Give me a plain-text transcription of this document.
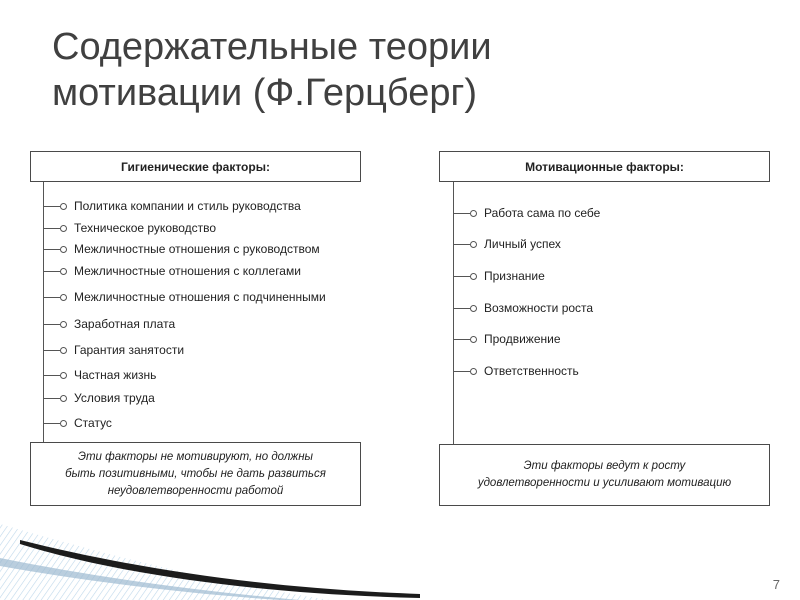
Содержательные теории
мотивации (Ф.Герцберг)
Гигиенические факторы:
Политика компании и стиль руководства
Техническое руководство
Межличностные отношения с руководством
Межличностные отношения с коллегами
Межличностные отношения с подчиненными
Заработная плата
Гарантия занятости
Частная жизнь
Условия труда
Статус
Эти факторы не мотивируют, но должны
быть позитивными, чтобы не дать развиться
неудовлетворенности работой
Мотивационные факторы:
Работа сама по себе
Личный успех
Признание
Возможности роста
Продвижение
Ответственность
Эти факторы ведут к росту
удовлетворенности и усиливают мотивацию
7
